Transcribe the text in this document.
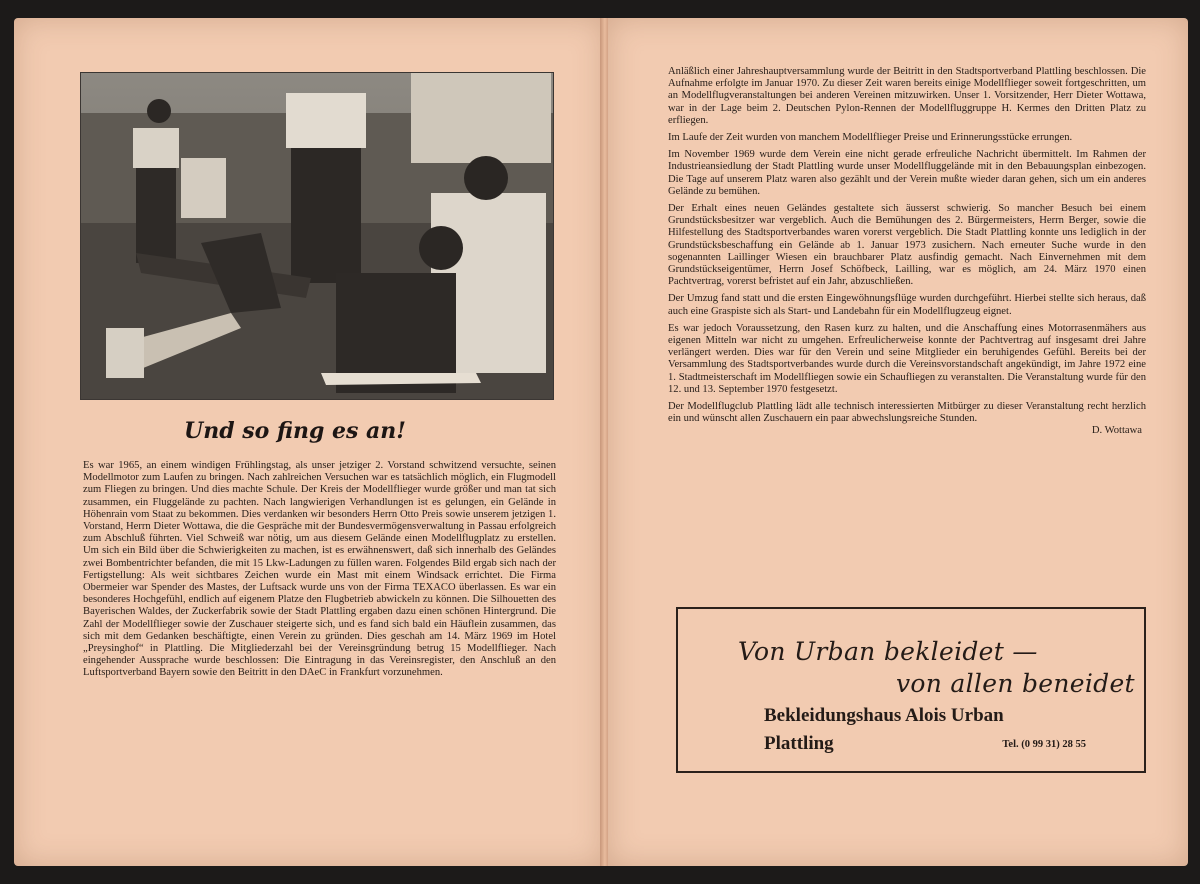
Und so fing es an!

Es war 1965, an einem windigen Frühlingstag, als unser jetziger 2. Vorstand schwitzend versuchte, seinen Modellmotor zum Laufen zu bringen. Nach zahlreichen Versuchen war es tatsächlich möglich, ein Flugmodell zum Fliegen zu bringen. Und dies machte Schule. Der Kreis der Modellflieger wurde größer und man tat sich zusammen, ein Fluggelände zu pachten. Nach langwierigen Verhandlungen ist es gelungen, ein Gelände in Höhenrain vom Staat zu bekommen. Dies verdanken wir besonders Herrn Otto Preis sowie unserem jetzigen 1. Vorstand, Herrn Dieter Wottawa, die die Gespräche mit der Bundesvermögensverwaltung in Passau erfolgreich zum Abschluß führten. Viel Schweiß war nötig, um aus diesem Gelände einen Modellflugplatz zu erstellen. Um sich ein Bild über die Schwierigkeiten zu machen, ist es erwähnenswert, daß sich innerhalb des Geländes zwei Bombentrichter befanden, die mit 15 Lkw-Ladungen zu füllen waren. Folgendes Bild ergab sich nach der Fertigstellung: Als weit sichtbares Zeichen wurde ein Mast mit einem Windsack errichtet. Die Firma Obermeier war Spender des Mastes, der Luftsack wurde uns von der Firma TEXACO überlassen. Es war ein besonderes Hochgefühl, endlich auf eigenem Platze den Flugbetrieb abwickeln zu können. Die Silhouetten des Bayerischen Waldes, der Zuckerfabrik sowie der Stadt Plattling ergaben dazu einen schönen Hintergrund. Die Zahl der Modellflieger sowie der Zuschauer steigerte sich, und es fand sich bald ein Häuflein zusammen, das sich mit dem Gedanken beschäftigte, einen Verein zu gründen. Dies geschah am 14. März 1969 im Hotel „Preysinghof“ in Plattling. Die Mitgliederzahl bei der Vereinsgründung betrug 15 Modellflieger. Nach eingehender Aussprache wurde beschlossen: Die Eintragung in das Vereinsregister, den Anschluß an den Luftsportverband Bayern sowie den Beitritt in den DAeC in Frankfurt vorzunehmen.

Anläßlich einer Jahreshauptversammlung wurde der Beitritt in den Stadtsportverband Plattling beschlossen. Die Aufnahme erfolgte im Januar 1970. Zu dieser Zeit waren bereits einige Modellflieger soweit fortgeschritten, um an Modellflugveranstaltungen bei anderen Vereinen mitzuwirken. Unser 1. Vorsitzender, Herr Dieter Wottawa, war in der Lage beim 2. Deutschen Pylon-Rennen der Modellfluggruppe H. Kermes den Dritten Platz zu erfliegen.

Im Laufe der Zeit wurden von manchem Modellflieger Preise und Erinnerungsstücke errungen.

Im November 1969 wurde dem Verein eine nicht gerade erfreuliche Nachricht übermittelt. Im Rahmen der Industrieansiedlung der Stadt Plattling wurde unser Modellfluggelände mit in den Bebauungsplan einbezogen. Die Tage auf unserem Platz waren also gezählt und der Verein mußte wieder daran gehen, sich um ein anderes Gelände zu bemühen.

Der Erhalt eines neuen Geländes gestaltete sich äusserst schwierig. So mancher Besuch bei einem Grundstücksbesitzer war vergeblich. Auch die Bemühungen des 2. Bürgermeisters, Herrn Berger, sowie die Hilfestellung des Stadtsportverbandes waren vorerst vergeblich. Die Stadt Plattling konnte uns lediglich in der Grundstücksbeschaffung ein Gelände ab 1. Januar 1973 zusichern. Nach erneuter Suche wurde in den sogenannten Laillinger Wiesen ein brauchbarer Platz ausfindig gemacht. Nach Einvernehmen mit dem Grundstückseigentümer, Herrn Josef Schöfbeck, Lailling, war es möglich, am 24. März 1970 einen Pachtvertrag, vorerst befristet auf ein Jahr, abzuschließen.

Der Umzug fand statt und die ersten Eingewöhnungsflüge wurden durchgeführt. Hierbei stellte sich heraus, daß auch eine Graspiste sich als Start- und Landebahn für ein Modellflugzeug eignet.

Es war jedoch Voraussetzung, den Rasen kurz zu halten, und die Anschaffung eines Motorrasenmähers aus eigenen Mitteln war nicht zu umgehen. Erfreulicherweise konnte der Pachtvertrag auf insgesamt drei Jahre verlängert werden. Dies war für den Verein und seine Mitglieder ein beruhigendes Gefühl. Bereits bei der Versammlung des Stadtsportverbandes wurde durch die Vereinsvorstandschaft angekündigt, im Jahre 1972 eine 1. Stadtmeisterschaft im Modellfliegen sowie ein Schaufliegen zu veranstalten. Die Veranstaltung wurde für den 12. und 13. September 1970 festgesetzt.

Der Modellflugclub Plattling lädt alle technisch interessierten Mitbürger zu dieser Veranstaltung recht herzlich ein und wünscht allen Zuschauern ein paar abwechslungsreiche Stunden.

D. Wottawa
Von Urban bekleidet —
von allen beneidet
Bekleidungshaus Alois Urban
Plattling	Tel. (0 99 31) 28 55
